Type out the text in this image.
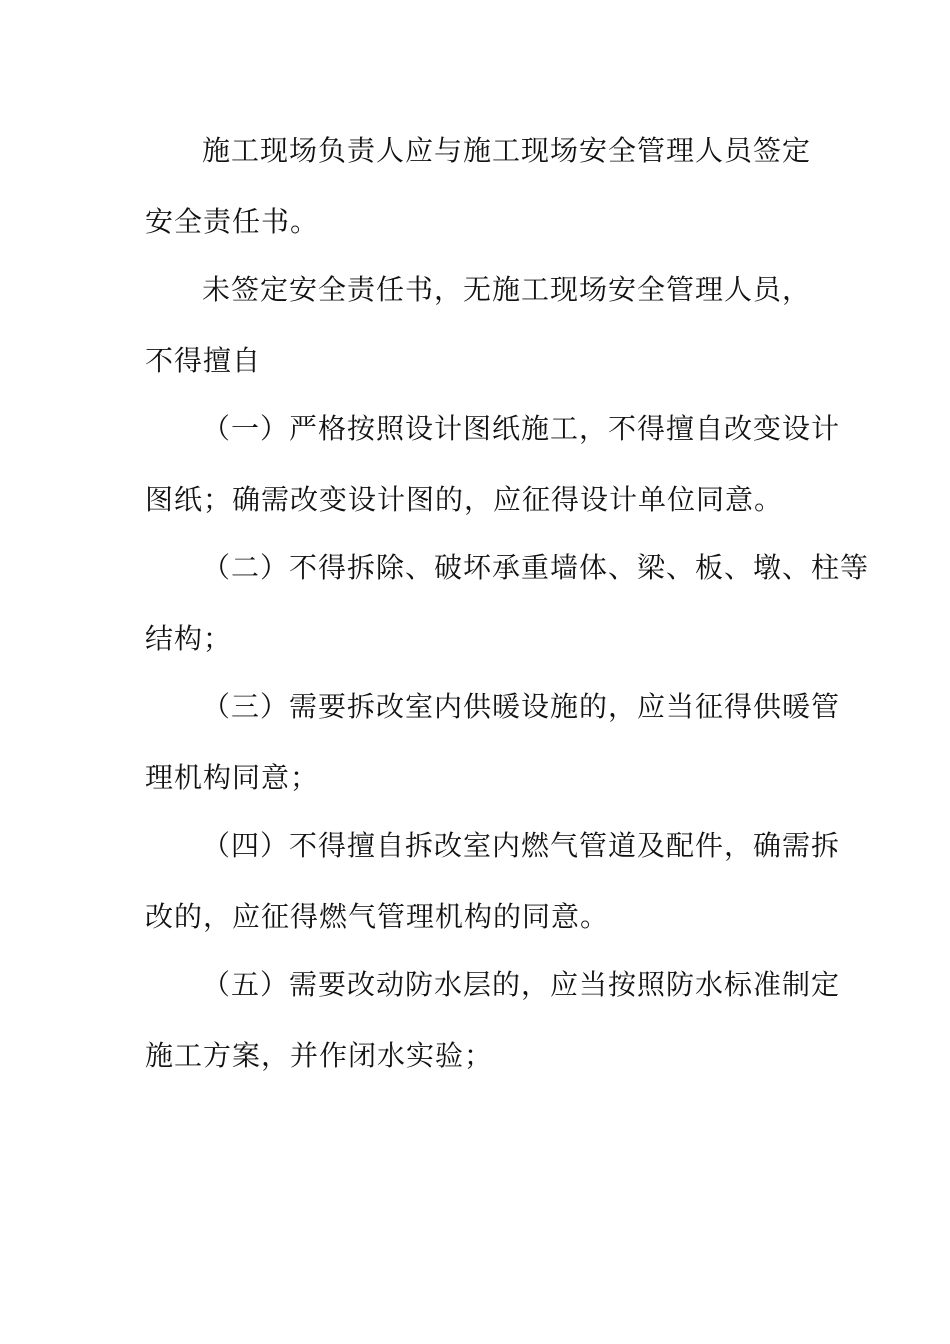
施工现场负责人应与施工现场安全管理人员签定
安全责任书。
未签定安全责任书，无施工现场安全管理人员，
不得擅自
（一）严格按照设计图纸施工，不得擅自改变设计
图纸；确需改变设计图的，应征得设计单位同意。
（二）不得拆除、破坏承重墙体、梁、板、墩、柱等
结构；
（三）需要拆改室内供暖设施的，应当征得供暖管
理机构同意；
（四）不得擅自拆改室内燃气管道及配件，确需拆
改的，应征得燃气管理机构的同意。
（五）需要改动防水层的，应当按照防水标准制定
施工方案，并作闭水实验；
